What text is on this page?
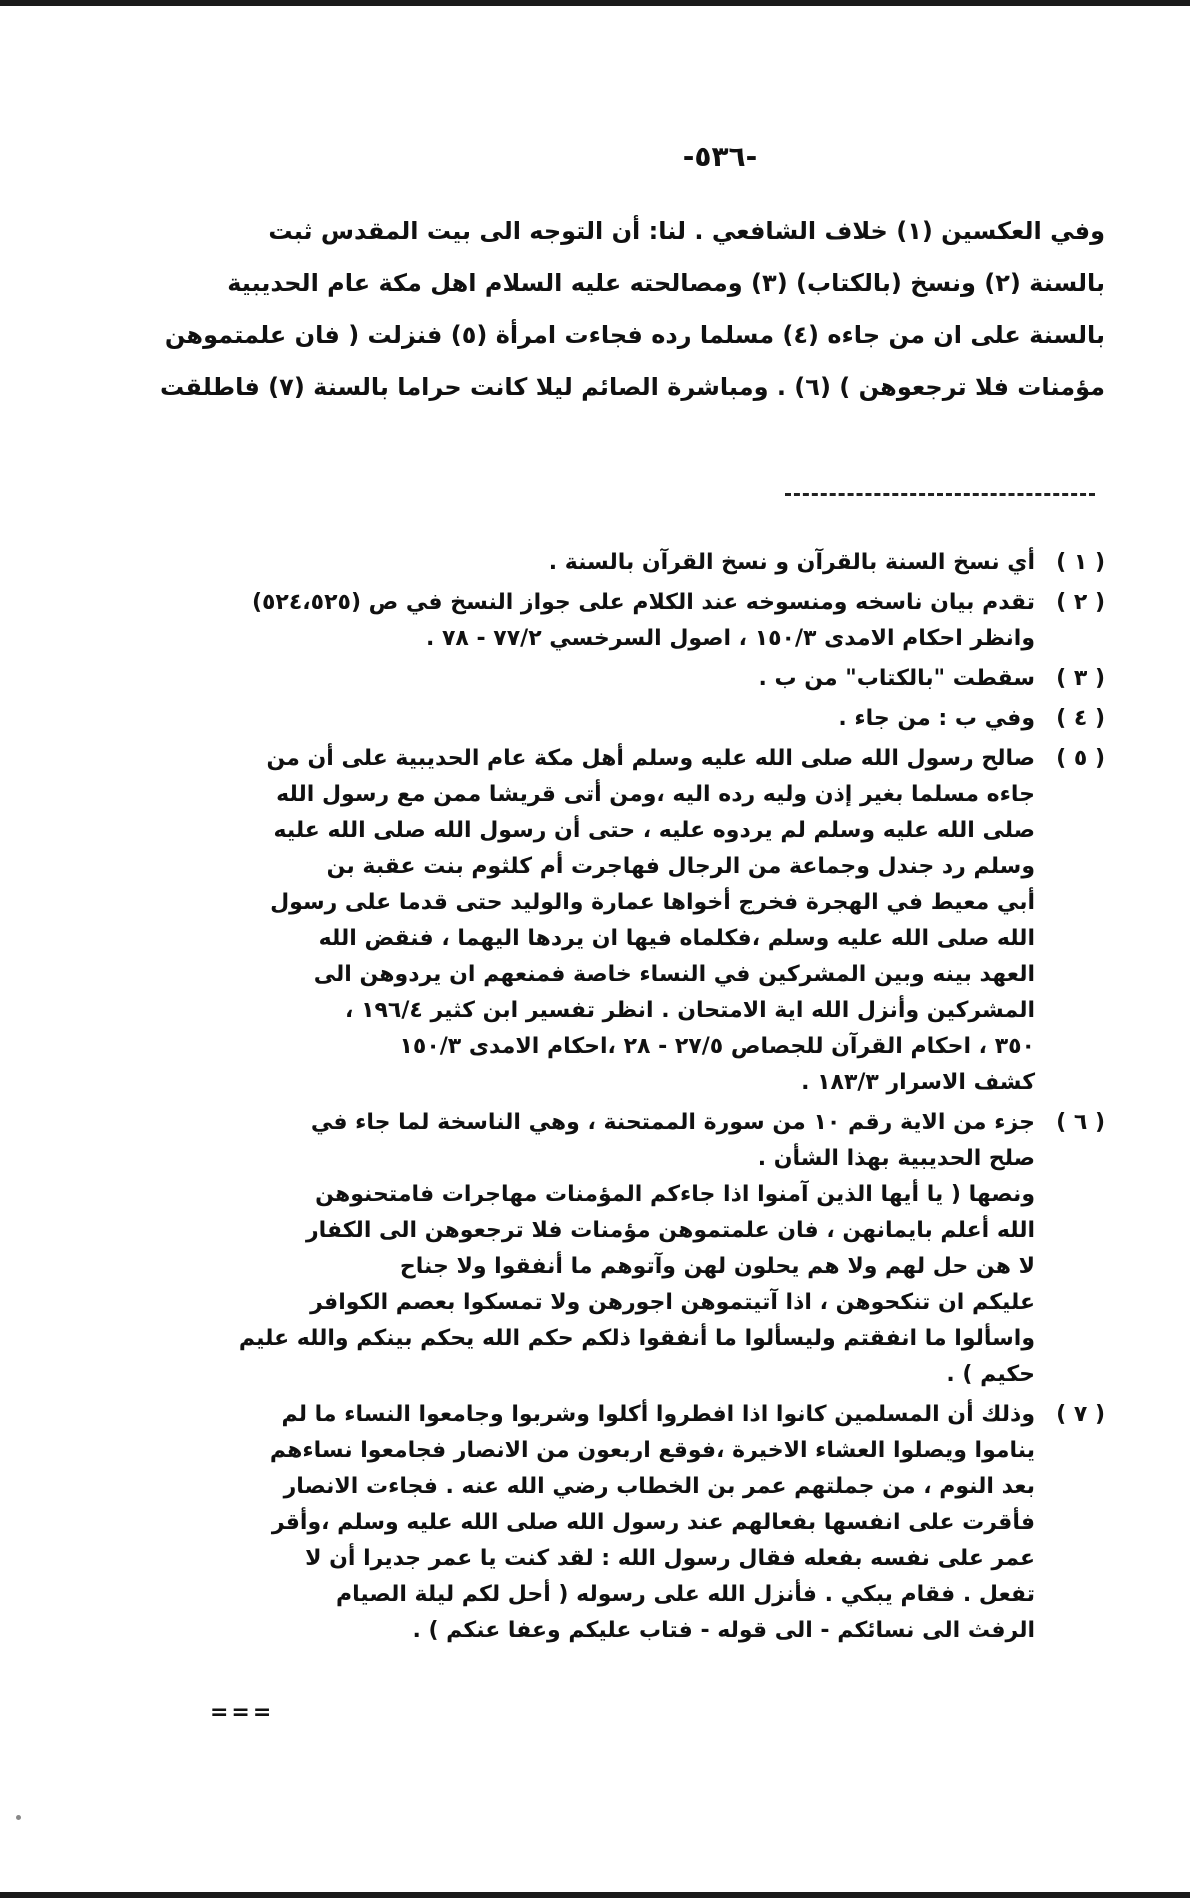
-٥٣٦-
وفي العكسين (١) خلاف الشافعي . لنا: أن التوجه الى بيت المقدس ثبت
بالسنة (٢) ونسخ (بالكتاب) (٣) ومصالحته عليه السلام اهل مكة عام الحديبية
بالسنة على ان من جاءه (٤) مسلما رده فجاءت امرأة (٥) فنزلت ( فان علمتموهن
مؤمنات فلا ترجعوهن ) (٦) . ومباشرة الصائم ليلا كانت حراما بالسنة (٧) فاطلقت
( ١ )
أي نسخ السنة بالقرآن و نسخ القرآن بالسنة .
( ٢ )
تقدم بيان ناسخه ومنسوخه عند الكلام على جواز النسخ في ص (٥٢٤،٥٢٥)
وانظر احكام الامدى ١٥٠/٣ ، اصول السرخسي ٧٧/٢ - ٧٨ .
( ٣ )
سقطت "بالكتاب" من ب .
( ٤ )
وفي ب : من جاء .
( ٥ )
صالح رسول الله صلى الله عليه وسلم أهل مكة عام الحديبية على أن من
جاءه مسلما بغير إذن وليه رده اليه ،ومن أتى قريشا ممن مع رسول الله
صلى الله عليه وسلم لم يردوه عليه ، حتى أن رسول الله صلى الله عليه
وسلم رد جندل وجماعة من الرجال فهاجرت أم كلثوم بنت عقبة بن
أبي معيط في الهجرة فخرج أخواها عمارة والوليد حتى قدما على رسول
الله صلى الله عليه وسلم ،فكلماه فيها ان يردها اليهما ، فنقض الله
العهد بينه وبين المشركين في النساء خاصة فمنعهم ان يردوهن الى
المشركين وأنزل الله اية الامتحان . انظر تفسير ابن كثير ١٩٦/٤ ،
٣٥٠ ، احكام القرآن للجصاص ٢٧/٥ - ٢٨ ،احكام الامدى ١٥٠/٣
كشف الاسرار ١٨٣/٣ .
( ٦ )
جزء من الاية رقم ١٠ من سورة الممتحنة ، وهي الناسخة لما جاء في
صلح الحديبية بهذا الشأن .
ونصها ( يا أيها الذين آمنوا اذا جاءكم المؤمنات مهاجرات فامتحنوهن
الله أعلم بايمانهن ، فان علمتموهن مؤمنات فلا ترجعوهن الى الكفار
لا هن حل لهم ولا هم يحلون لهن وآتوهم ما أنفقوا ولا جناح
عليكم ان تنكحوهن ، اذا آتيتموهن اجورهن ولا تمسكوا بعصم الكوافر
واسألوا ما انفقتم وليسألوا ما أنفقوا ذلكم حكم الله يحكم بينكم والله عليم
حكيم ) .
( ٧ )
وذلك أن المسلمين كانوا اذا افطروا أكلوا وشربوا وجامعوا النساء ما لم
يناموا ويصلوا العشاء الاخيرة ،فوقع اربعون من الانصار فجامعوا نساءهم
بعد النوم ، من جملتهم عمر بن الخطاب رضي الله عنه . فجاءت الانصار
فأقرت على انفسها بفعالهم عند رسول الله صلى الله عليه وسلم ،وأقر
عمر على نفسه بفعله فقال رسول الله : لقد كنت يا عمر جديرا أن لا
تفعل . فقام يبكي . فأنزل الله على رسوله ( أحل لكم ليلة الصيام
الرفث الى نسائكم - الى قوله - فتاب عليكم وعفا عنكم ) .
===
